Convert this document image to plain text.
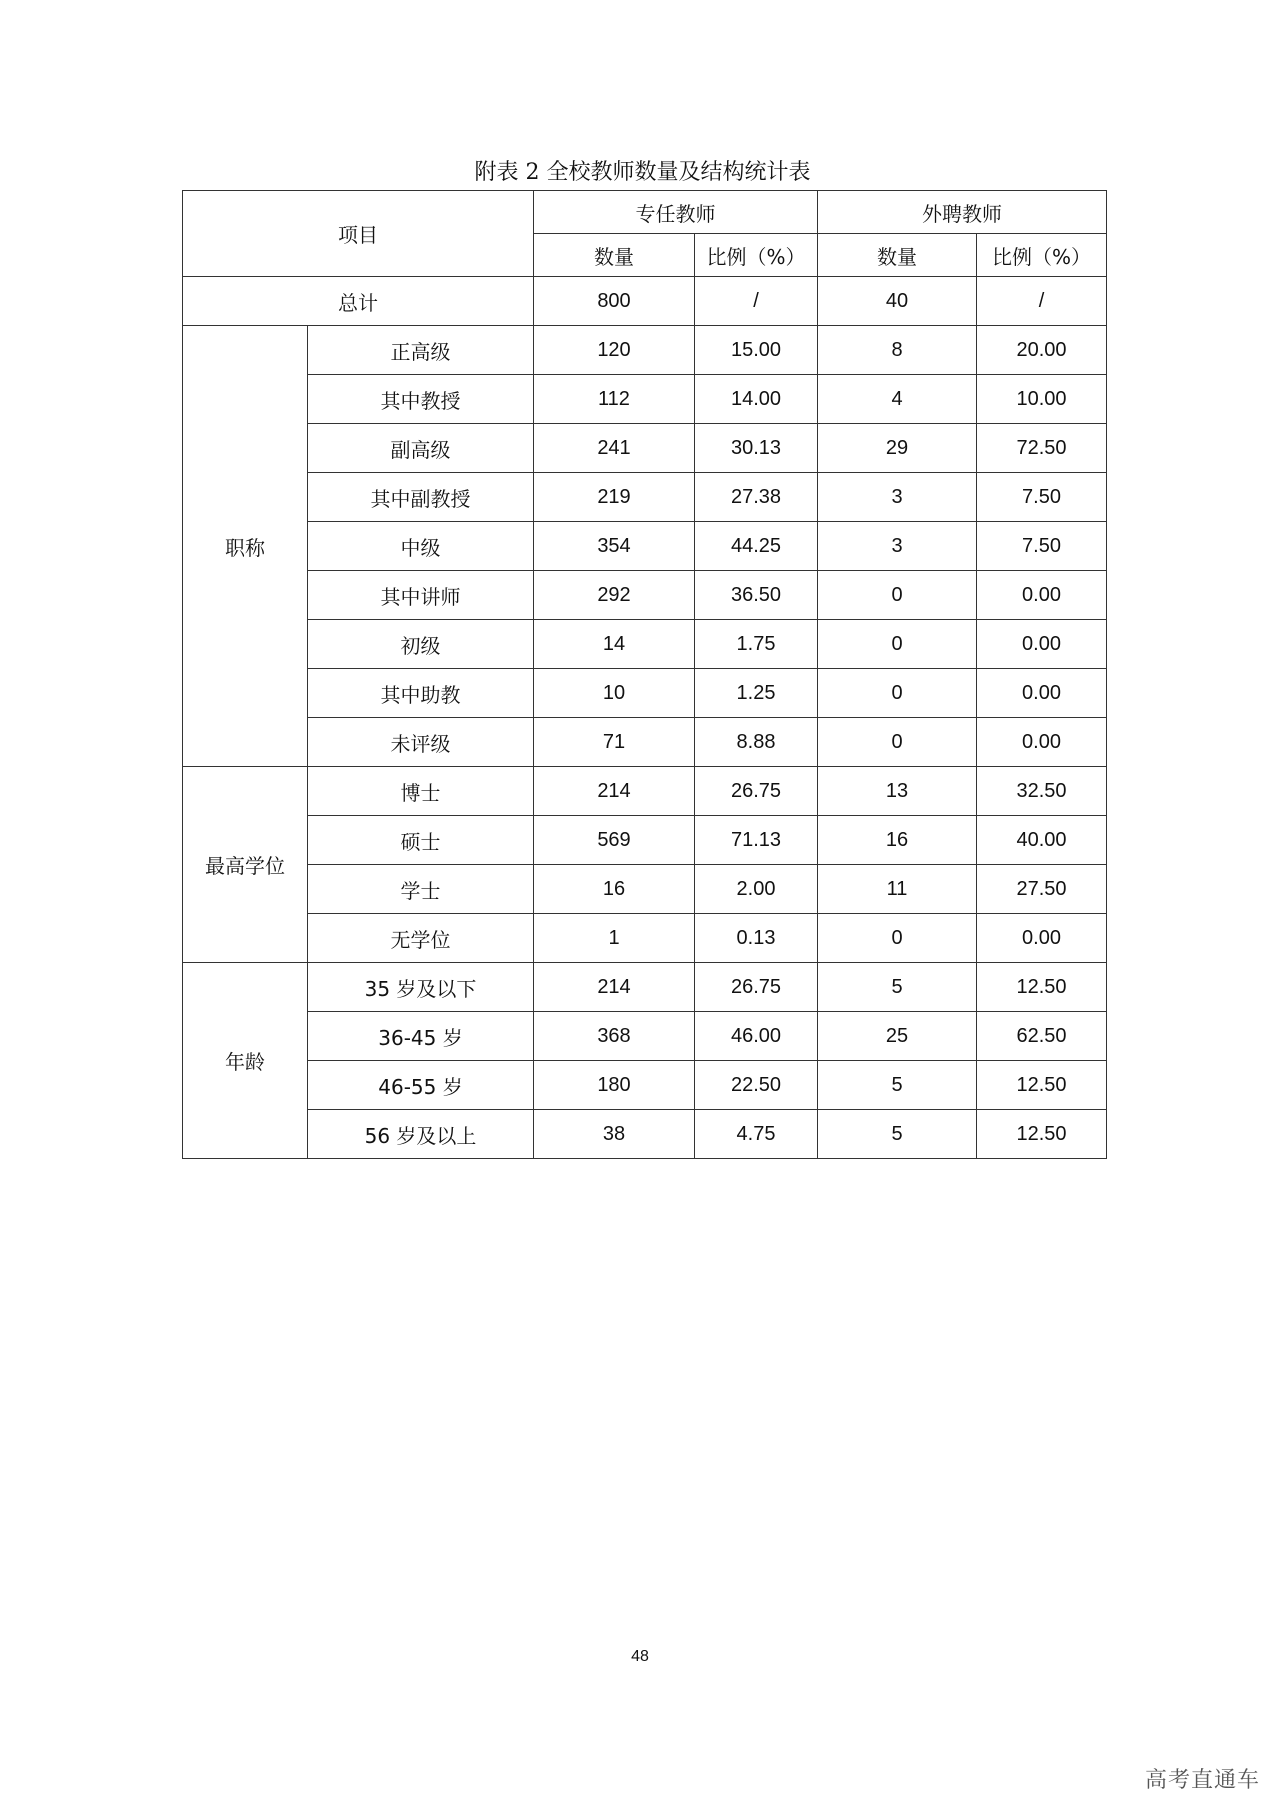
附表 2 全校教师数量及结构统计表
项目		专任教师		外聘教师	
		数量	比例（%）	数量	比例（%）
总计		800	/	40	/
职称	正高级	120	15.00	8	20.00
	其中教授	112	14.00	4	10.00
	副高级	241	30.13	29	72.50
	其中副教授	219	27.38	3	7.50
	中级	354	44.25	3	7.50
	其中讲师	292	36.50	0	0.00
	初级	14	1.75	0	0.00
	其中助教	10	1.25	0	0.00
	未评级	71	8.88	0	0.00
最高学位	博士	214	26.75	13	32.50
	硕士	569	71.13	16	40.00
	学士	16	2.00	11	27.50
	无学位	1	0.13	0	0.00
年龄	35 岁及以下	214	26.75	5	12.50
	36-45 岁	368	46.00	25	62.50
	46-55 岁	180	22.50	5	12.50
	56 岁及以上	38	4.75	5	12.50
48
高考直通车
